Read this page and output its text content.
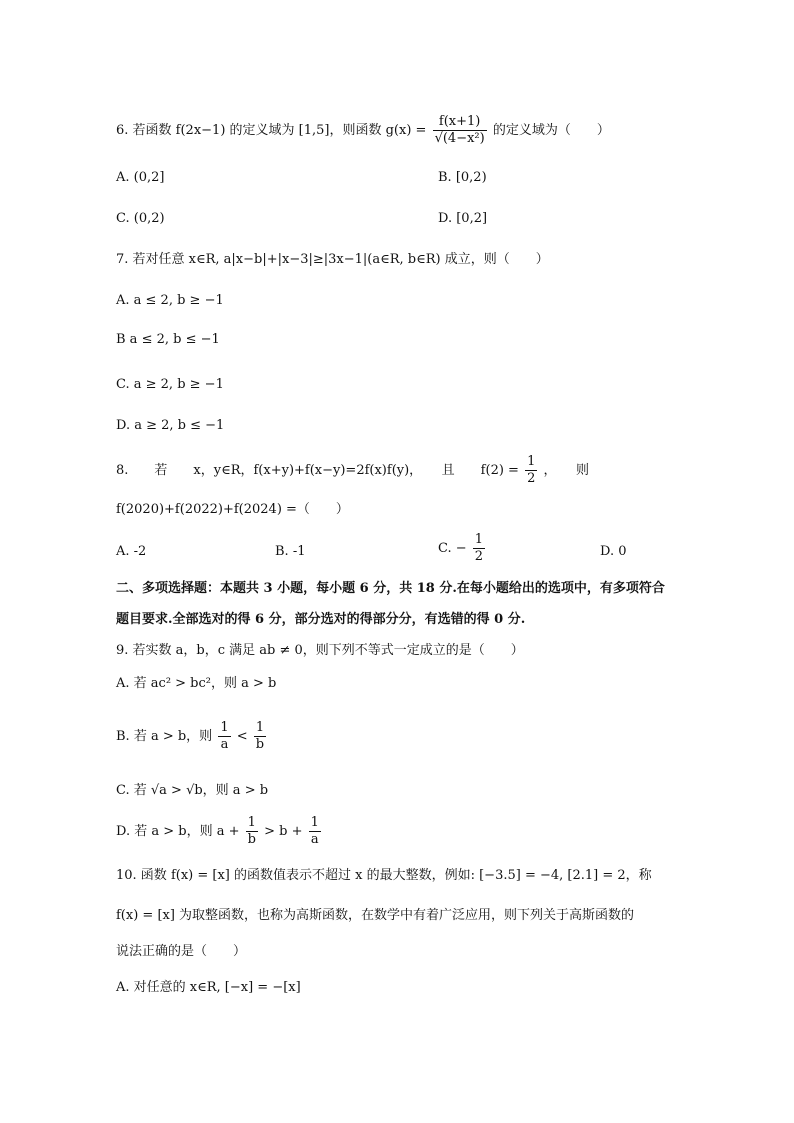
6. 若函数 f(2x−1) 的定义域为 [1,5]，则函数 $g(x) = \frac{f(x+1)}{\text{√(4−x²)}}$ 的定义域为（　　）
A. (0,2]	B. [0,2)
C. (0,2)	D. [0,2]
7. 若对任意 x∈R, a|x−b|+|x−3|≥|3x−1|(a∈R, b∈R) 成立，则（　　）
A. a ≤ 2, b ≥ −1
B a ≤ 2, b ≤ −1
C. a ≥ 2, b ≥ −1
D. a ≥ 2, b ≤ −1
8.　　若　　x，y∈R，f(x+y)+f(x−y)=2f(x)f(y)，　　且　　$f(2) = \frac{1}{2}$ ，　　则
f(2020)+f(2022)+f(2024) =（　　）
A. -2	B. -1	C. − $\frac{1}{2}$	D. 0
二、多项选择题：本题共 3 小题，每小题 6 分，共 18 分.在每小题给出的选项中，有多项符合
题目要求.全部选对的得 6 分，部分选对的得部分分，有选错的得 0 分.
9. 若实数 a，b，c 满足 ab ≠ 0，则下列不等式一定成立的是（　　）
A. 若 ac² > bc²，则 a > b
B. 若 a > b，则 $\frac{1}{a} < \frac{1}{b}$
C. 若 √a > √b，则 a > b
D. 若 a > b，则 $a + \frac{1}{b} > b + \frac{1}{a}$
10. 函数 f(x) = [x] 的函数值表示不超过 x 的最大整数，例如: [−3.5] = −4, [2.1] = 2，称
f(x) = [x] 为取整函数，也称为高斯函数，在数学中有着广泛应用，则下列关于高斯函数的
说法正确的是（　　）
A. 对任意的 x∈R, [−x] = −[x]
